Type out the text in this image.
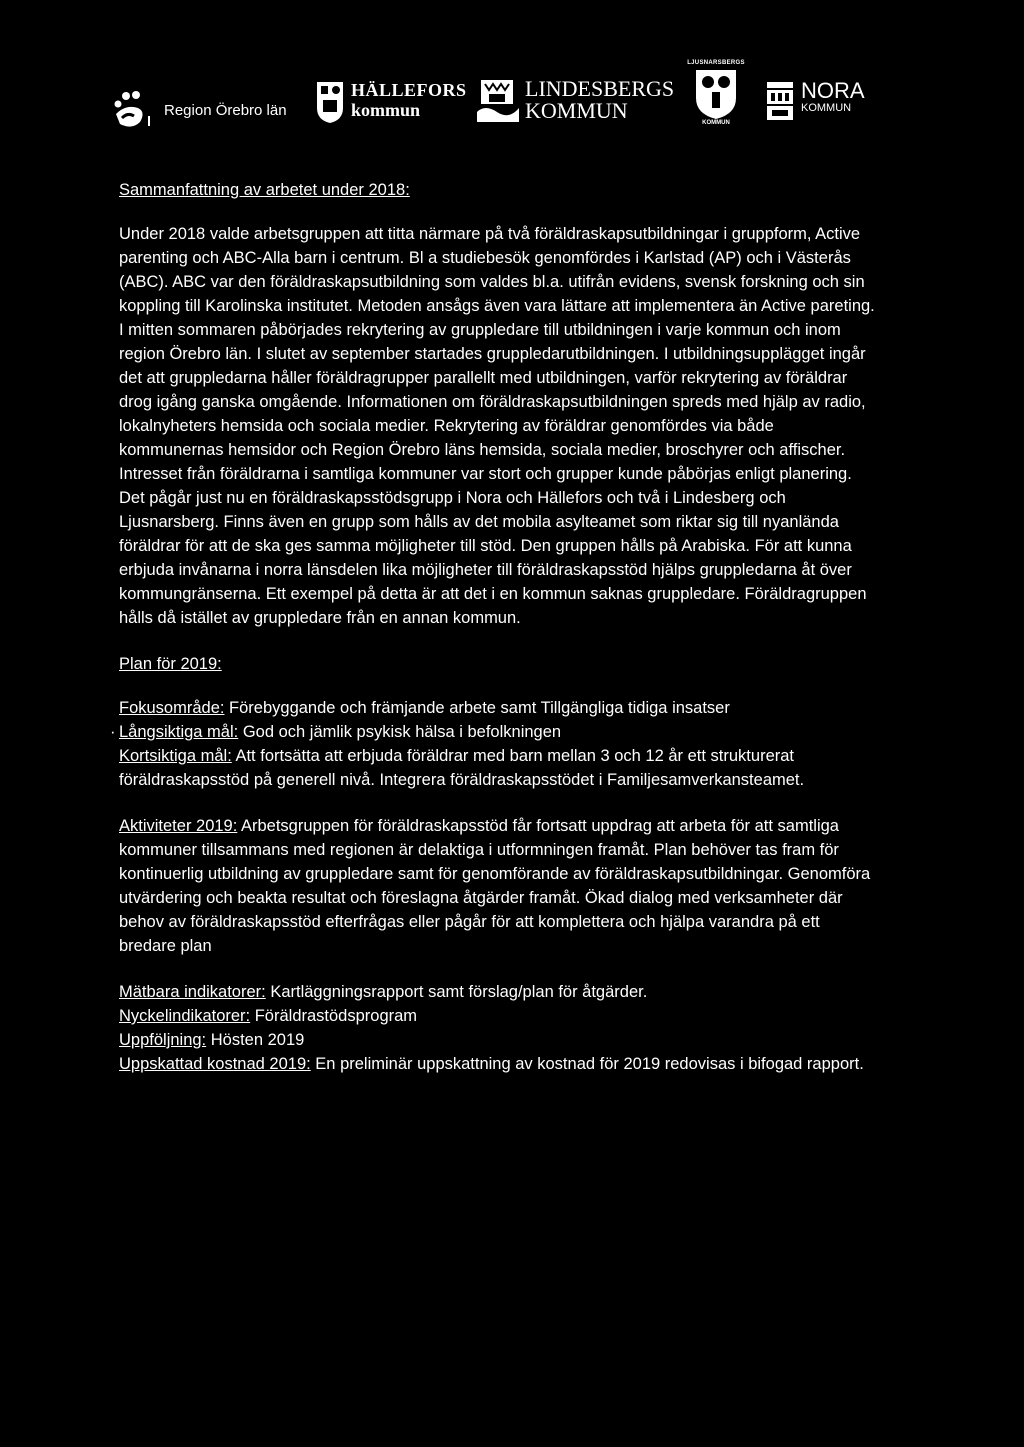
Region Örebro län
HÄLLEFORS
kommun
LINDESBERGS
KOMMUN
LJUSNARSBERGS
KOMMUN
NORA
KOMMUN

Sammanfattning av arbetet under 2018:

Under 2018 valde arbetsgruppen att titta närmare på två föräldraskapsutbildningar i gruppform, Active parenting och ABC-Alla barn i centrum. Bl a studiebesök genomfördes i Karlstad (AP) och i Västerås (ABC). ABC var den föräldraskapsutbildning som valdes bl.a. utifrån evidens, svensk forskning och sin koppling till Karolinska institutet. Metoden ansågs även vara lättare att implementera än Active pareting. I mitten sommaren påbörjades rekrytering av gruppledare till utbildningen i varje kommun och inom region Örebro län. I slutet av september startades gruppledarutbildningen. I utbildningsupplägget ingår det att gruppledarna håller föräldragrupper parallellt med utbildningen, varför rekrytering av föräldrar drog igång ganska omgående. Informationen om föräldraskapsutbildningen spreds med hjälp av radio, lokalnyheters hemsida och sociala medier. Rekrytering av föräldrar genomfördes via både kommunernas hemsidor och Region Örebro läns hemsida, sociala medier, broschyrer och affischer. Intresset från föräldrarna i samtliga kommuner var stort och grupper kunde påbörjas enligt planering. Det pågår just nu en föräldraskapsstödsgrupp i Nora och Hällefors och två i Lindesberg och Ljusnarsberg. Finns även en grupp som hålls av det mobila asylteamet som riktar sig till nyanlända föräldrar för att de ska ges samma möjligheter till stöd. Den gruppen hålls på Arabiska. För att kunna erbjuda invånarna i norra länsdelen lika möjligheter till föräldraskapsstöd hjälps gruppledarna åt över kommungränserna. Ett exempel på detta är att det i en kommun saknas gruppledare. Föräldragruppen hålls då istället av gruppledare från en annan kommun.

Plan för 2019:

Fokusområde: Förebyggande och främjande arbete samt Tillgängliga tidiga insatser

· Långsiktiga mål: God och jämlik psykisk hälsa i befolkningen

Kortsiktiga mål: Att fortsätta att erbjuda föräldrar med barn mellan 3 och 12 år ett strukturerat föräldraskapsstöd på generell nivå. Integrera föräldraskapsstödet i Familjesamverkansteamet.

Aktiviteter 2019: Arbetsgruppen för föräldraskapsstöd får fortsatt uppdrag att arbeta för att samtliga kommuner tillsammans med regionen är delaktiga i utformningen framåt. Plan behöver tas fram för kontinuerlig utbildning av gruppledare samt för genomförande av föräldraskapsutbildningar. Genomföra utvärdering och beakta resultat och föreslagna åtgärder framåt. Ökad dialog med verksamheter där behov av föräldraskapsstöd efterfrågas eller pågår för att komplettera och hjälpa varandra på ett bredare plan

Mätbara indikatorer: Kartläggningsrapport samt förslag/plan för åtgärder.

Nyckelindikatorer: Föräldrastödsprogram

Uppföljning: Hösten 2019

Uppskattad kostnad 2019: En preliminär uppskattning av kostnad för 2019 redovisas i bifogad rapport.
